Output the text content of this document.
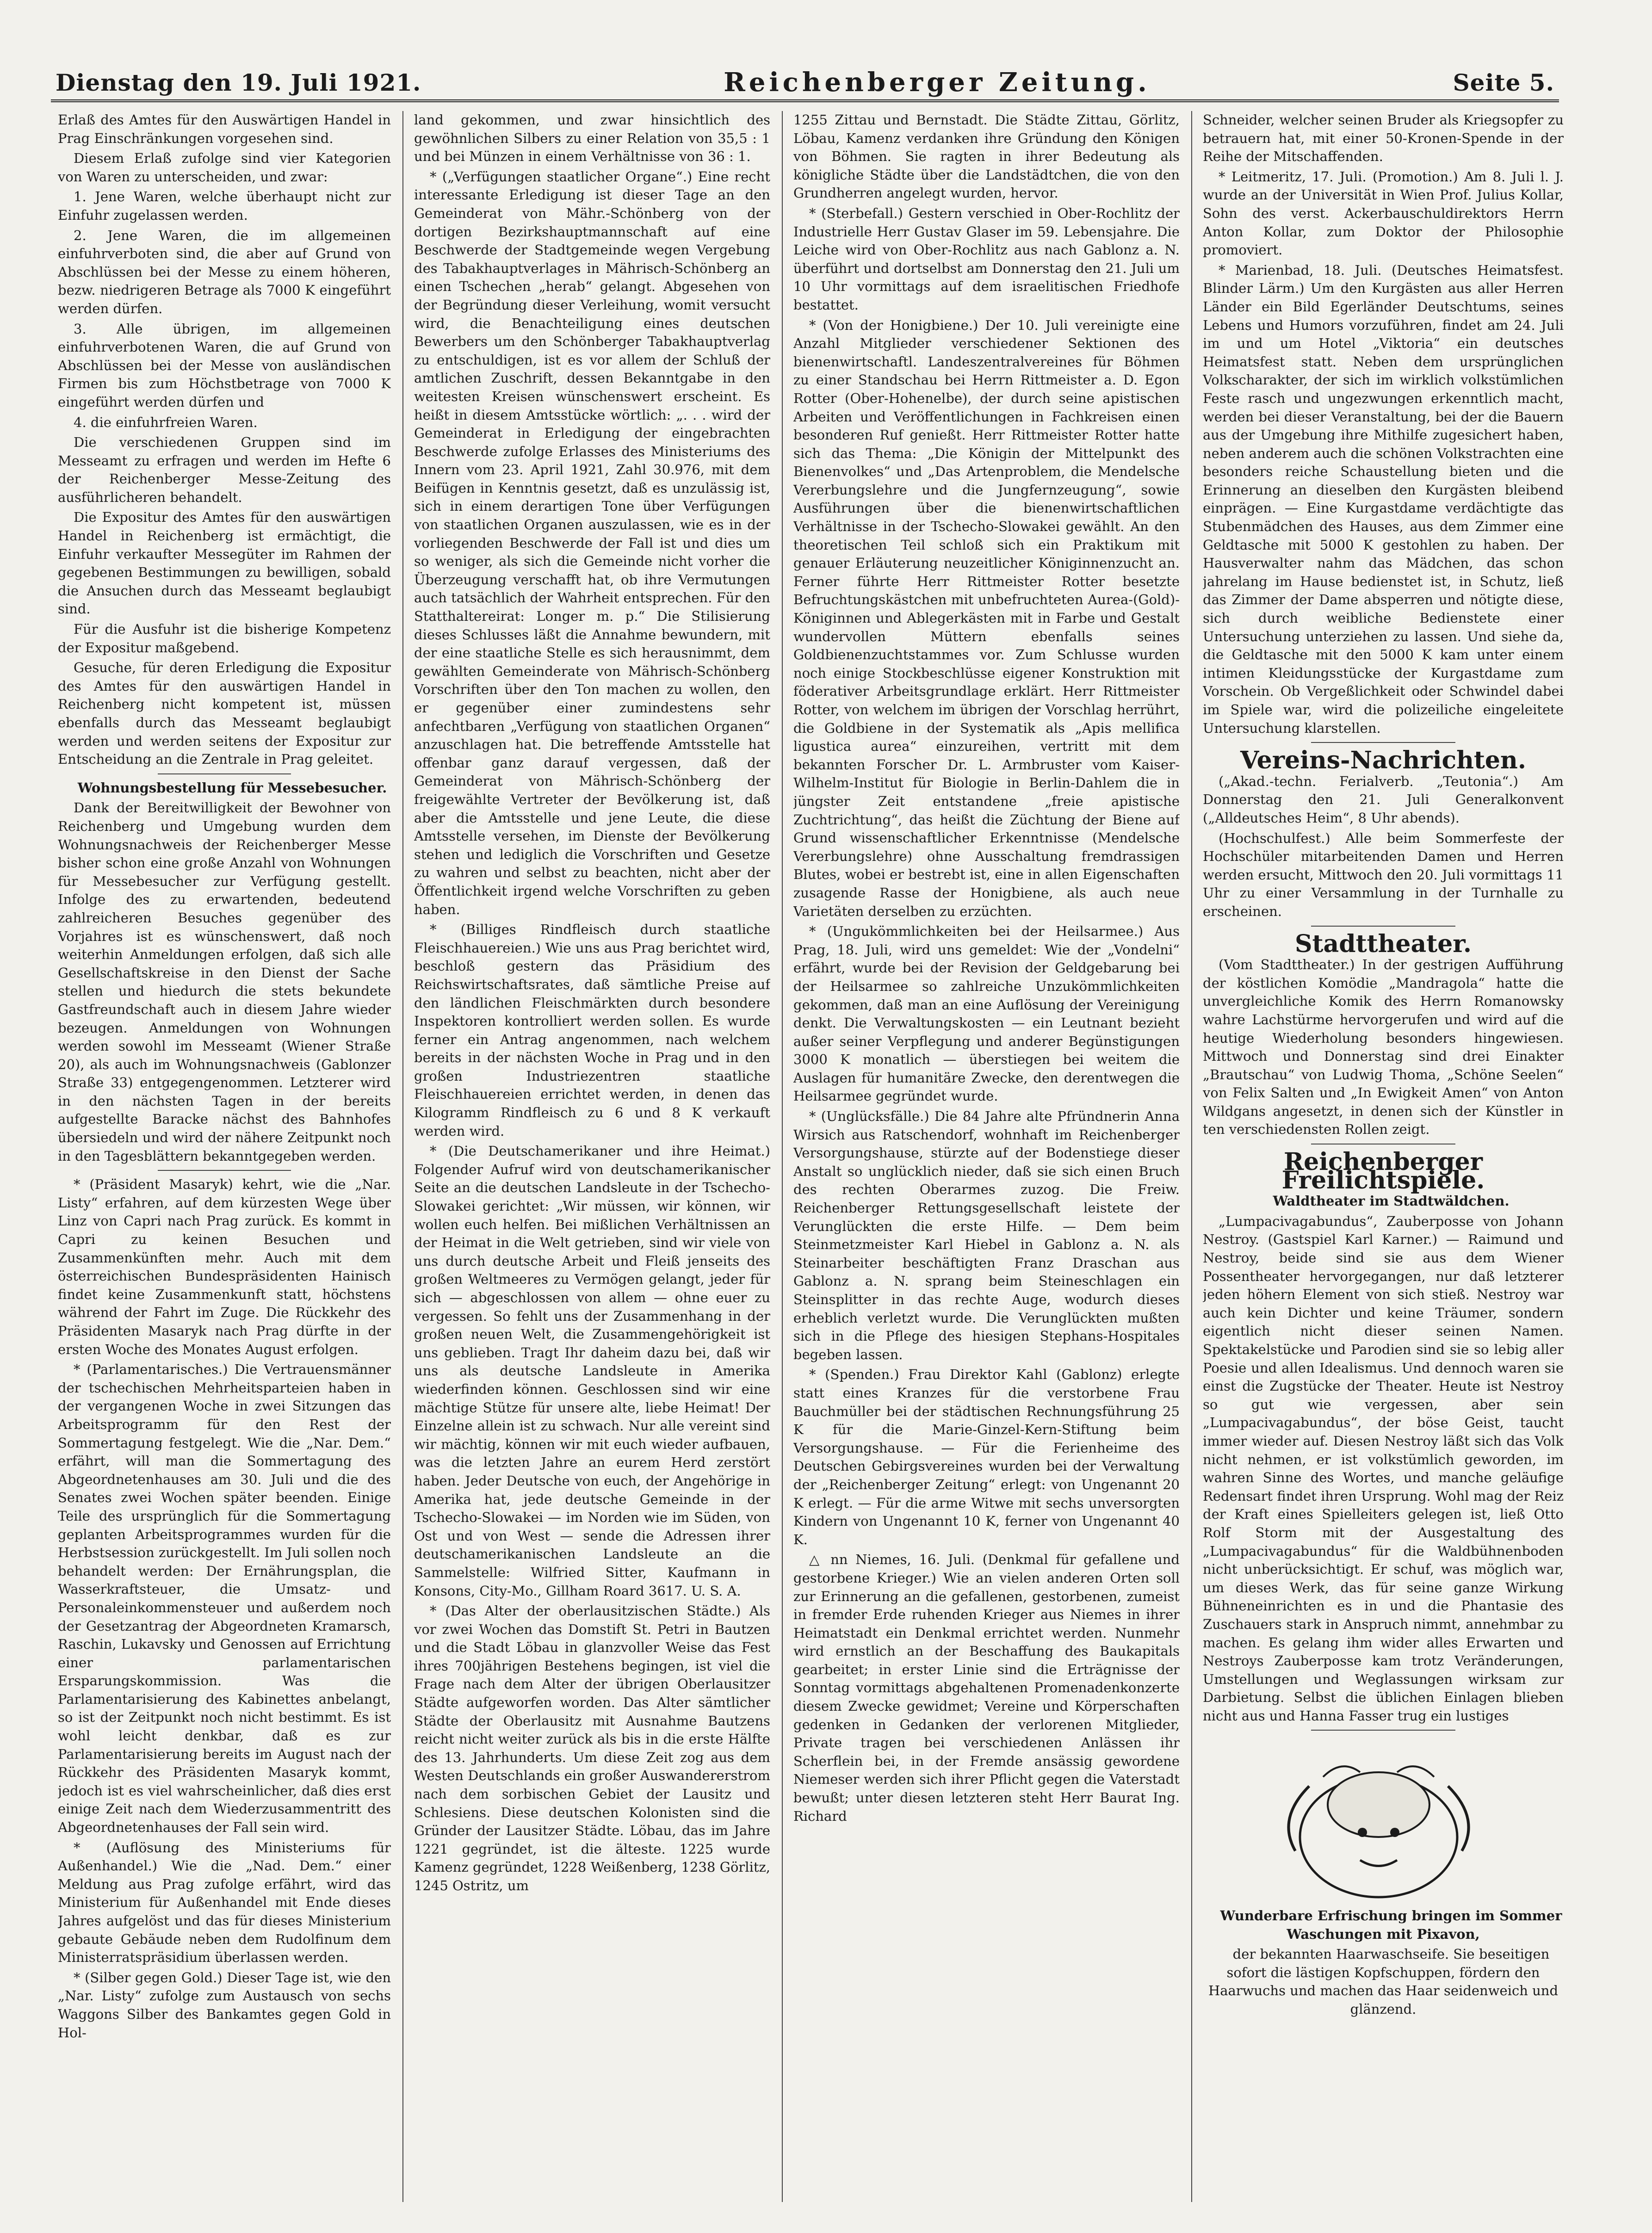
Dienstag den 19. Juli 1921.	Reichenberger Zeitung.	Seite 5.

Erlaß des Amtes für den Auswärtigen Handel in Prag Einschränkungen vorgesehen sind.

Diesem Erlaß zufolge sind vier Kategorien von Waren zu unterscheiden, und zwar:

1. Jene Waren, welche überhaupt nicht zur Einfuhr zugelassen werden.

2. Jene Waren, die im allgemeinen einfuhrverboten sind, die aber auf Grund von Abschlüssen bei der Messe zu einem höheren, bezw. niedrigeren Betrage als 7000 K eingeführt werden dürfen.

3. Alle übrigen, im allgemeinen einfuhrverbotenen Waren, die auf Grund von Abschlüssen bei der Messe von ausländischen Firmen bis zum Höchstbetrage von 7000 K eingeführt werden dürfen und

4. die einfuhrfreien Waren.

Die verschiedenen Gruppen sind im Messeamt zu erfragen und werden im Hefte 6 der Reichenberger Messe-Zeitung des ausführlicheren behandelt.

Die Expositur des Amtes für den auswärtigen Handel in Reichenberg ist ermächtigt, die Einfuhr verkaufter Messegüter im Rahmen der gegebenen Bestimmungen zu bewilligen, sobald die Ansuchen durch das Messeamt beglaubigt sind.

Für die Ausfuhr ist die bisherige Kompetenz der Expositur maßgebend.

Gesuche, für deren Erledigung die Expositur des Amtes für den auswärtigen Handel in Reichenberg nicht kompetent ist, müssen ebenfalls durch das Messeamt beglaubigt werden und werden seitens der Expositur zur Entscheidung an die Zentrale in Prag geleitet.

Wohnungsbestellung für Messebesucher.

Dank der Bereitwilligkeit der Bewohner von Reichenberg und Umgebung wurden dem Wohnungsnachweis der Reichenberger Messe bisher schon eine große Anzahl von Wohnungen für Messebesucher zur Verfügung gestellt. Infolge des zu erwartenden, bedeutend zahlreicheren Besuches gegenüber des Vorjahres ist es wünschenswert, daß noch weiterhin Anmeldungen erfolgen, daß sich alle Gesellschaftskreise in den Dienst der Sache stellen und hiedurch die stets bekundete Gastfreundschaft auch in diesem Jahre wieder bezeugen. Anmeldungen von Wohnungen werden sowohl im Messeamt (Wiener Straße 20), als auch im Wohnungsnachweis (Gablonzer Straße 33) entgegengenommen. Letzterer wird in den nächsten Tagen in der bereits aufgestellte Baracke nächst des Bahnhofes übersiedeln und wird der nähere Zeitpunkt noch in den Tagesblättern bekanntgegeben werden.

* (Präsident Masaryk) kehrt, wie die „Nar. Listy“ erfahren, auf dem kürzesten Wege über Linz von Capri nach Prag zurück. Es kommt in Capri zu keinen Besuchen und Zusammenkünften mehr. Auch mit dem österreichischen Bundespräsidenten Hainisch findet keine Zusammenkunft statt, höchstens während der Fahrt im Zuge. Die Rückkehr des Präsidenten Masaryk nach Prag dürfte in der ersten Woche des Monates August erfolgen.

* (Parlamentarisches.) Die Vertrauensmänner der tschechischen Mehrheitsparteien haben in der vergangenen Woche in zwei Sitzungen das Arbeitsprogramm für den Rest der Sommertagung festgelegt. Wie die „Nar. Dem.“ erfährt, will man die Sommertagung des Abgeordnetenhauses am 30. Juli und die des Senates zwei Wochen später beenden. Einige Teile des ursprünglich für die Sommertagung geplanten Arbeitsprogrammes wurden für die Herbstsession zurückgestellt. Im Juli sollen noch behandelt werden: Der Ernährungsplan, die Wasserkraftsteuer, die Umsatz- und Personaleinkommensteuer und außerdem noch der Gesetzantrag der Abgeordneten Kramarsch, Raschin, Lukavsky und Genossen auf Errichtung einer parlamentarischen Ersparungskommission. Was die Parlamentarisierung des Kabinettes anbelangt, so ist der Zeitpunkt noch nicht bestimmt. Es ist wohl leicht denkbar, daß es zur Parlamentarisierung bereits im August nach der Rückkehr des Präsidenten Masaryk kommt, jedoch ist es viel wahrscheinlicher, daß dies erst einige Zeit nach dem Wiederzusammentritt des Abgeordnetenhauses der Fall sein wird.

* (Auflösung des Ministeriums für Außenhandel.) Wie die „Nad. Dem.“ einer Meldung aus Prag zufolge erfährt, wird das Ministerium für Außenhandel mit Ende dieses Jahres aufgelöst und das für dieses Ministerium gebaute Gebäude neben dem Rudolfinum dem Ministerratspräsidium überlassen werden.

* (Silber gegen Gold.) Dieser Tage ist, wie den „Nar. Listy“ zufolge zum Austausch von sechs Waggons Silber des Bankamtes gegen Gold in Hol-

land gekommen, und zwar hinsichtlich des gewöhnlichen Silbers zu einer Relation von 35,5 : 1 und bei Münzen in einem Verhältnisse von 36 : 1.

* („Verfügungen staatlicher Organe“.) Eine recht interessante Erledigung ist dieser Tage an den Gemeinderat von Mähr.-Schönberg von der dortigen Bezirkshauptmannschaft auf eine Beschwerde der Stadtgemeinde wegen Vergebung des Tabakhauptverlages in Mährisch-Schönberg an einen Tschechen „herab“ gelangt. Abgesehen von der Begründung dieser Verleihung, womit versucht wird, die Benachteiligung eines deutschen Bewerbers um den Schönberger Tabakhauptverlag zu entschuldigen, ist es vor allem der Schluß der amtlichen Zuschrift, dessen Bekanntgabe in den weitesten Kreisen wünschenswert erscheint. Es heißt in diesem Amtsstücke wörtlich: „. . . wird der Gemeinderat in Erledigung der eingebrachten Beschwerde zufolge Erlasses des Ministeriums des Innern vom 23. April 1921, Zahl 30.976, mit dem Beifügen in Kenntnis gesetzt, daß es unzulässig ist, sich in einem derartigen Tone über Verfügungen von staatlichen Organen auszulassen, wie es in der vorliegenden Beschwerde der Fall ist und dies um so weniger, als sich die Gemeinde nicht vorher die Überzeugung verschafft hat, ob ihre Vermutungen auch tatsächlich der Wahrheit entsprechen. Für den Statthaltereirat: Longer m. p.“ Die Stilisierung dieses Schlusses läßt die Annahme bewundern, mit der eine staatliche Stelle es sich herausnimmt, dem gewählten Gemeinderate von Mährisch-Schönberg Vorschriften über den Ton machen zu wollen, den er gegenüber einer zumindestens sehr anfechtbaren „Verfügung von staatlichen Organen“ anzuschlagen hat. Die betreffende Amtsstelle hat offenbar ganz darauf vergessen, daß der Gemeinderat von Mährisch-Schönberg der freigewählte Vertreter der Bevölkerung ist, daß aber die Amtsstelle und jene Leute, die diese Amtsstelle versehen, im Dienste der Bevölkerung stehen und lediglich die Vorschriften und Gesetze zu wahren und selbst zu beachten, nicht aber der Öffentlichkeit irgend welche Vorschriften zu geben haben.

* (Billiges Rindfleisch durch staatliche Fleischhauereien.) Wie uns aus Prag berichtet wird, beschloß gestern das Präsidium des Reichswirtschaftsrates, daß sämtliche Preise auf den ländlichen Fleischmärkten durch besondere Inspektoren kontrolliert werden sollen. Es wurde ferner ein Antrag angenommen, nach welchem bereits in der nächsten Woche in Prag und in den großen Industriezentren staatliche Fleischhauereien errichtet werden, in denen das Kilogramm Rindfleisch zu 6 und 8 K verkauft werden wird.

* (Die Deutschamerikaner und ihre Heimat.) Folgender Aufruf wird von deutschamerikanischer Seite an die deutschen Landsleute in der Tschecho-Slowakei gerichtet: „Wir müssen, wir können, wir wollen euch helfen. Bei mißlichen Verhältnissen an der Heimat in die Welt getrieben, sind wir viele von uns durch deutsche Arbeit und Fleiß jenseits des großen Weltmeeres zu Vermögen gelangt, jeder für sich — abgeschlossen von allem — ohne euer zu vergessen. So fehlt uns der Zusammenhang in der großen neuen Welt, die Zusammengehörigkeit ist uns geblieben. Tragt Ihr daheim dazu bei, daß wir uns als deutsche Landsleute in Amerika wiederfinden können. Geschlossen sind wir eine mächtige Stütze für unsere alte, liebe Heimat! Der Einzelne allein ist zu schwach. Nur alle vereint sind wir mächtig, können wir mit euch wieder aufbauen, was die letzten Jahre an eurem Herd zerstört haben. Jeder Deutsche von euch, der Angehörige in Amerika hat, jede deutsche Gemeinde in der Tschecho-Slowakei — im Norden wie im Süden, von Ost und von West — sende die Adressen ihrer deutschamerikanischen Landsleute an die Sammelstelle: Wilfried Sitter, Kaufmann in Konsons, City-Mo., Gillham Roard 3617. U. S. A.

* (Das Alter der oberlausitzischen Städte.) Als vor zwei Wochen das Domstift St. Petri in Bautzen und die Stadt Löbau in glanzvoller Weise das Fest ihres 700jährigen Bestehens begingen, ist viel die Frage nach dem Alter der übrigen Oberlausitzer Städte aufgeworfen worden. Das Alter sämtlicher Städte der Oberlausitz mit Ausnahme Bautzens reicht nicht weiter zurück als bis in die erste Hälfte des 13. Jahrhunderts. Um diese Zeit zog aus dem Westen Deutschlands ein großer Auswandererstrom nach dem sorbischen Gebiet der Lausitz und Schlesiens. Diese deutschen Kolonisten sind die Gründer der Lausitzer Städte. Löbau, das im Jahre 1221 gegründet, ist die älteste. 1225 wurde Kamenz gegründet, 1228 Weißenberg, 1238 Görlitz, 1245 Ostritz, um

1255 Zittau und Bernstadt. Die Städte Zittau, Görlitz, Löbau, Kamenz verdanken ihre Gründung den Königen von Böhmen. Sie ragten in ihrer Bedeutung als königliche Städte über die Landstädtchen, die von den Grundherren angelegt wurden, hervor.

* (Sterbefall.) Gestern verschied in Ober-Rochlitz der Industrielle Herr Gustav Glaser im 59. Lebensjahre. Die Leiche wird von Ober-Rochlitz aus nach Gablonz a. N. überführt und dortselbst am Donnerstag den 21. Juli um 10 Uhr vormittags auf dem israelitischen Friedhofe bestattet.

* (Von der Honigbiene.) Der 10. Juli vereinigte eine Anzahl Mitglieder verschiedener Sektionen des bienenwirtschaftl. Landeszentralvereines für Böhmen zu einer Standschau bei Herrn Rittmeister a. D. Egon Rotter (Ober-Hohenelbe), der durch seine apistischen Arbeiten und Veröffentlichungen in Fachkreisen einen besonderen Ruf genießt. Herr Rittmeister Rotter hatte sich das Thema: „Die Königin der Mittelpunkt des Bienenvolkes“ und „Das Artenproblem, die Mendelsche Vererbungslehre und die Jungfernzeugung“, sowie Ausführungen über die bienenwirtschaftlichen Verhältnisse in der Tschecho-Slowakei gewählt. An den theoretischen Teil schloß sich ein Praktikum mit genauer Erläuterung neuzeitlicher Königinnenzucht an. Ferner führte Herr Rittmeister Rotter besetzte Befruchtungskästchen mit unbefruchteten Aurea-(Gold)-Königinnen und Ablegerkästen mit in Farbe und Gestalt wundervollen Müttern ebenfalls seines Goldbienenzuchtstammes vor. Zum Schlusse wurden noch einige Stockbeschlüsse eigener Konstruktion mit föderativer Arbeitsgrundlage erklärt. Herr Rittmeister Rotter, von welchem im übrigen der Vorschlag herrührt, die Goldbiene in der Systematik als „Apis mellifica ligustica aurea“ einzureihen, vertritt mit dem bekannten Forscher Dr. L. Armbruster vom Kaiser-Wilhelm-Institut für Biologie in Berlin-Dahlem die in jüngster Zeit entstandene „freie apistische Zuchtrichtung“, das heißt die Züchtung der Biene auf Grund wissenschaftlicher Erkenntnisse (Mendelsche Vererbungslehre) ohne Ausschaltung fremdrassigen Blutes, wobei er bestrebt ist, eine in allen Eigenschaften zusagende Rasse der Honigbiene, als auch neue Varietäten derselben zu erzüchten.

* (Ungukömmlichkeiten bei der Heilsarmee.) Aus Prag, 18. Juli, wird uns gemeldet: Wie der „Vondelni“ erfährt, wurde bei der Revision der Geldgebarung bei der Heilsarmee so zahlreiche Unzukömmlichkeiten gekommen, daß man an eine Auflösung der Vereinigung denkt. Die Verwaltungskosten — ein Leutnant bezieht außer seiner Verpflegung und anderer Begünstigungen 3000 K monatlich — überstiegen bei weitem die Auslagen für humanitäre Zwecke, den derentwegen die Heilsarmee gegründet wurde.

* (Unglücksfälle.) Die 84 Jahre alte Pfründnerin Anna Wirsich aus Ratschendorf, wohnhaft im Reichenberger Versorgungshause, stürzte auf der Bodenstiege dieser Anstalt so unglücklich nieder, daß sie sich einen Bruch des rechten Oberarmes zuzog. Die Freiw. Reichenberger Rettungsgesellschaft leistete der Verunglückten die erste Hilfe. — Dem beim Steinmetzmeister Karl Hiebel in Gablonz a. N. als Steinarbeiter beschäftigten Franz Draschan aus Gablonz a. N. sprang beim Steineschlagen ein Steinsplitter in das rechte Auge, wodurch dieses erheblich verletzt wurde. Die Verunglückten mußten sich in die Pflege des hiesigen Stephans-Hospitales begeben lassen.

* (Spenden.) Frau Direktor Kahl (Gablonz) erlegte statt eines Kranzes für die verstorbene Frau Bauchmüller bei der städtischen Rechnungsführung 25 K für die Marie-Ginzel-Kern-Stiftung beim Versorgungshause. — Für die Ferienheime des Deutschen Gebirgsvereines wurden bei der Verwaltung der „Reichenberger Zeitung“ erlegt: von Ungenannt 20 K erlegt. — Für die arme Witwe mit sechs unversorgten Kindern von Ungenannt 10 K, ferner von Ungenannt 40 K.

△ nn Niemes, 16. Juli. (Denkmal für gefallene und gestorbene Krieger.) Wie an vielen anderen Orten soll zur Erinnerung an die gefallenen, gestorbenen, zumeist in fremder Erde ruhenden Krieger aus Niemes in ihrer Heimatstadt ein Denkmal errichtet werden. Nunmehr wird ernstlich an der Beschaffung des Baukapitals gearbeitet; in erster Linie sind die Erträgnisse der Sonntag vormittags abgehaltenen Promenadenkonzerte diesem Zwecke gewidmet; Vereine und Körperschaften gedenken in Gedanken der verlorenen Mitglieder, Private tragen bei verschiedenen Anlässen ihr Scherflein bei, in der Fremde ansässig gewordene Niemeser werden sich ihrer Pflicht gegen die Vaterstadt bewußt; unter diesen letzteren steht Herr Baurat Ing. Richard

Schneider, welcher seinen Bruder als Kriegsopfer zu betrauern hat, mit einer 50-Kronen-Spende in der Reihe der Mitschaffenden.

* Leitmeritz, 17. Juli. (Promotion.) Am 8. Juli l. J. wurde an der Universität in Wien Prof. Julius Kollar, Sohn des verst. Ackerbauschuldirektors Herrn Anton Kollar, zum Doktor der Philosophie promoviert.

* Marienbad, 18. Juli. (Deutsches Heimatsfest. Blinder Lärm.) Um den Kurgästen aus aller Herren Länder ein Bild Egerländer Deutschtums, seines Lebens und Humors vorzuführen, findet am 24. Juli im und um Hotel „Viktoria“ ein deutsches Heimatsfest statt. Neben dem ursprünglichen Volkscharakter, der sich im wirklich volkstümlichen Feste rasch und ungezwungen erkenntlich macht, werden bei dieser Veranstaltung, bei der die Bauern aus der Umgebung ihre Mithilfe zugesichert haben, neben anderem auch die schönen Volkstrachten eine besonders reiche Schaustellung bieten und die Erinnerung an dieselben den Kurgästen bleibend einprägen. — Eine Kurgastdame verdächtigte das Stubenmädchen des Hauses, aus dem Zimmer eine Geldtasche mit 5000 K gestohlen zu haben. Der Hausverwalter nahm das Mädchen, das schon jahrelang im Hause bedienstet ist, in Schutz, ließ das Zimmer der Dame absperren und nötigte diese, sich durch weibliche Bedienstete einer Untersuchung unterziehen zu lassen. Und siehe da, die Geldtasche mit den 5000 K kam unter einem intimen Kleidungsstücke der Kurgastdame zum Vorschein. Ob Vergeßlichkeit oder Schwindel dabei im Spiele war, wird die polizeiliche eingeleitete Untersuchung klarstellen.

Vereins-Nachrichten.

(„Akad.-techn. Ferialverb. „Teutonia“.) Am Donnerstag den 21. Juli Generalkonvent („Alldeutsches Heim“, 8 Uhr abends).

(Hochschulfest.) Alle beim Sommerfeste der Hochschüler mitarbeitenden Damen und Herren werden ersucht, Mittwoch den 20. Juli vormittags 11 Uhr zu einer Versammlung in der Turnhalle zu erscheinen.

Stadttheater.

(Vom Stadttheater.) In der gestrigen Aufführung der köstlichen Komödie „Mandragola“ hatte die unvergleichliche Komik des Herrn Romanowsky wahre Lachstürme hervorgerufen und wird auf die heutige Wiederholung besonders hingewiesen. Mittwoch und Donnerstag sind drei Einakter „Brautschau“ von Ludwig Thoma, „Schöne Seelen“ von Felix Salten und „In Ewigkeit Amen“ von Anton Wildgans angesetzt, in denen sich der Künstler in ten verschiedensten Rollen zeigt.

Reichenberger Freilichtspiele.

Waldtheater im Stadtwäldchen.

„Lumpacivagabundus“, Zauberposse von Johann Nestroy. (Gastspiel Karl Karner.) — Raimund und Nestroy, beide sind sie aus dem Wiener Possentheater hervorgegangen, nur daß letzterer jeden höhern Element von sich stieß. Nestroy war auch kein Dichter und keine Träumer, sondern eigentlich nicht dieser seinen Namen. Spektakelstücke und Parodien sind sie so lebig aller Poesie und allen Idealismus. Und dennoch waren sie einst die Zugstücke der Theater. Heute ist Nestroy so gut wie vergessen, aber sein „Lumpacivagabundus“, der böse Geist, taucht immer wieder auf. Diesen Nestroy läßt sich das Volk nicht nehmen, er ist volkstümlich geworden, im wahren Sinne des Wortes, und manche geläufige Redensart findet ihren Ursprung. Wohl mag der Reiz der Kraft eines Spielleiters gelegen ist, ließ Otto Rolf Storm mit der Ausgestaltung des „Lumpacivagabundus“ für die Waldbühnenboden nicht unberücksichtigt. Er schuf, was möglich war, um dieses Werk, das für seine ganze Wirkung Bühneneinrichten es in und die Phantasie des Zuschauers stark in Anspruch nimmt, annehmbar zu machen. Es gelang ihm wider alles Erwarten und Nestroys Zauberposse kam trotz Veränderungen, Umstellungen und Weglassungen wirksam zur Darbietung. Selbst die üblichen Einlagen blieben nicht aus und Hanna Fasser trug ein lustiges

Wunderbare Erfrischung bringen im Sommer Waschungen mit Pixavon,

der bekannten Haarwaschseife. Sie beseitigen sofort die lästigen Kopfschuppen, fördern den Haarwuchs und machen das Haar seidenweich und glänzend.
